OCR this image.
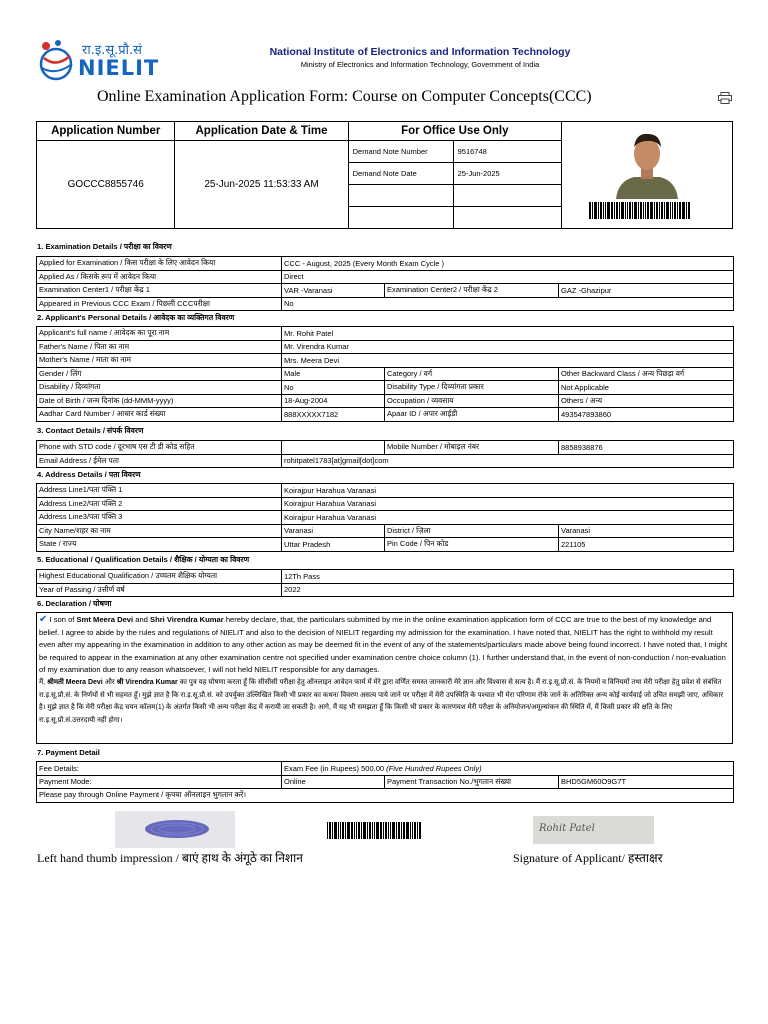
रा.इ.सू.प्रौ.सं
NIELIT
National Institute of Electronics and Information Technology
Ministry of Electronics and Information Technology, Government of India
Online Examination Application Form: Course on Computer Concepts(CCC)
Application Number	Application Date & Time	For Office Use Only	

GOCCC8855746	25-Jun-2025 11:53:33 AM	
Demand Note Number	9516748
Demand Note Date	25-Jun-2025

1. Examination Details / परीक्षा का विवरण
Applied for Examination / किस परीक्षा के लिए आवेदन किया	CCC - August, 2025 (Every Month Exam Cycle )		
Applied As / किसके रूप में आवेदन किया	Direct		
Examination Center1 / परीक्षा केंद्र 1	VAR -Varanasi	Examination Center2 / परीक्षा केंद्र 2	GAZ -Ghazipur
Appeared in Previous CCC Exam / पिछली CCCपरीक्षा	No		
2. Applicant's Personal Details / आवेदक का व्यक्तिगत विवरण
Applicant's full name / आवेदक का पूरा नाम	Mr. Rohit Patel		
Father's Name / पिता का नाम	Mr. Virendra Kumar		
Mother's Name / माता का नाम	Mrs. Meera Devi		
Gender / लिंग	Male	Category / वर्ग	Other Backward Class / अन्य पिछड़ा वर्ग
Disability / दिव्यांगता	No	Disability Type / दिव्यांगता प्रकार	Not Applicable
Date of Birth / जन्म दिनांक (dd-MMM-yyyy)	18-Aug-2004	Occupation / व्यवसाय	Others / अन्य
Aadhar Card Number / आधार कार्ड संख्या	888XXXXX7182	Apaar ID / अपार आईडी	493547893860
3. Contact Details / संपर्क विवरण
Phone with STD code / दूरभाष एस टी डी कोड सहित		Mobile Number / मोबाइल नंबर	8858938876
Email Address / ईमेल पता	rohitpatel1783[at]gmail[dot]com		
4. Address Details / पता विवरण
Address Line1/पता पंक्ति 1	Koirajpur Harahua Varanasi		
Address Line2/पता पंक्ति 2	Koirajpur Harahua Varanasi		
Address Line3/पता पंक्ति 3	Koirajpur Harahua Varanasi		
City Name/शहर का नाम	Varanasi	District / ज़िला	Varanasi
State / राज्य	Uttar Pradesh	Pin Code / पिन कोड	221105
5. Educational / Qualification Details / शैक्षिक / योग्यता का विवरण
Highest Educational Qualification / उच्चतम शैक्षिक योग्यता	12Th Pass
Year of Passing / उत्तीर्ण वर्ष	2022
6. Declaration / घोषणा
✔ I son of Smt Meera Devi and Shri Virendra Kumar hereby declare, that, the particulars submitted by me in the online examination application form of CCC are true to the best of my knowledge and belief. I agree to abide by the rules and regulations of NIELIT and also to the decision of NIELIT regarding my admission for the examination. I have noted that, NIELIT has the right to withhold my result even after my appearing in the examination in addition to any other action as may be deemed fit in the event of any of the statements/particulars made above being found incorrect. I have noted that, I might be required to appear in the examination at any other examination centre not specified under examination centre choice column (1). I further understand that, in the event of non-conduction / non-evaluation of my examination due to any reason whatsoever, I will not held NIELIT responsible for any damages.
मैं, श्रीमती Meera Devi और श्री Virendra Kumar का पुत्र यह घोषणा करता हूँ कि सीसीसी परीक्षा हेतु ऑनलाइन आवेदन फार्म में मेरे द्वारा वर्णित समस्त जानकारी मेरे ज्ञान और विश्वास से सत्य है। मैं रा.इ.सू.प्रौ.सं. के नियमों व विनियमों तथा मेरी परीक्षा हेतु प्रवेश से संबंधित रा.इ.सू.प्रौ.सं. के निर्णयों से भी सहमत हूँ। मुझे ज्ञात है कि रा.इ.सू.प्रौ.सं. को उपर्युक्त उल्लिखित किसी भी प्रकार का कथन/ विवरण असत्य पाये जाने पर परीक्षा में मेरी उपस्थिति के पश्चात भी मेरा परिणाम रोके जाने के अतिरिक्त अन्य कोई कार्यवाई जो उचित समझी जाए, अधिकार है। मुझे ज्ञात है कि मेरी परीक्षा केंद्र चयन कॉलम(1) के अंतर्गत किसी भी अन्य परीक्षा केंद्र में करायी जा सकती है। आगे, मैं यह भी समझता हूँ कि किसी भी प्रकार के कारणवश मेरी परीक्षा के अनियोजन/अमूल्यांकन की स्थिति में, मैं किसी प्रकार की क्षति के लिए रा.इ.सू.प्रौ.सं.उत्तरदायी नहीं होगा।
7. Payment Detail
Fee Details:	Exam Fee (in Rupees) 500.00 (Five Hundred Rupees Only)		
Payment Mode:	Online	Payment Transaction No./भुगतान संख्या	BHD5GM60O9G7T
Please pay through Online Payment / कृपया ऑनलाइन भुगतान करें।			
Rohit Patel
Left hand thumb impression / बाएं हाथ के अंगूठे का निशान	Signature of Applicant/ हस्ताक्षर
